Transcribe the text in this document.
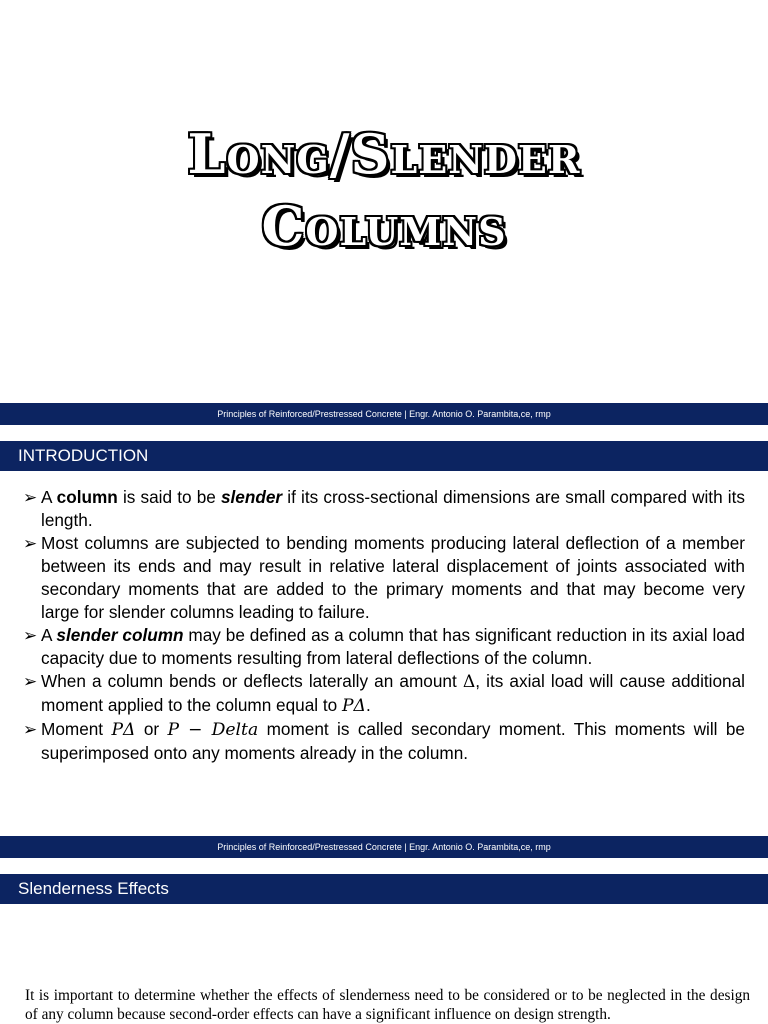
Long/Slender
Columns
Principles of Reinforced/Prestressed Concrete | Engr. Antonio O. Parambita,ce, rmp
INTRODUCTION
➢ A column is said to be slender if its cross-sectional dimensions are small compared with its length.
➢ Most columns are subjected to bending moments producing lateral deflection of a member between its ends and may result in relative lateral displacement of joints associated with secondary moments that are added to the primary moments and that may become very large for slender columns leading to failure.
➢ A slender column may be defined as a column that has significant reduction in its axial load capacity due to moments resulting from lateral deflections of the column.
➢ When a column bends or deflects laterally an amount Δ, its axial load will cause additional moment applied to the column equal to PΔ.
➢ Moment PΔ or P − Delta moment is called secondary moment. This moments will be superimposed onto any moments already in the column.
Principles of Reinforced/Prestressed Concrete | Engr. Antonio O. Parambita,ce, rmp
Slenderness Effects
It is important to determine whether the effects of slenderness need to be considered or to be neglected in the design of any column because second-order effects can have a significant influence on design strength.
